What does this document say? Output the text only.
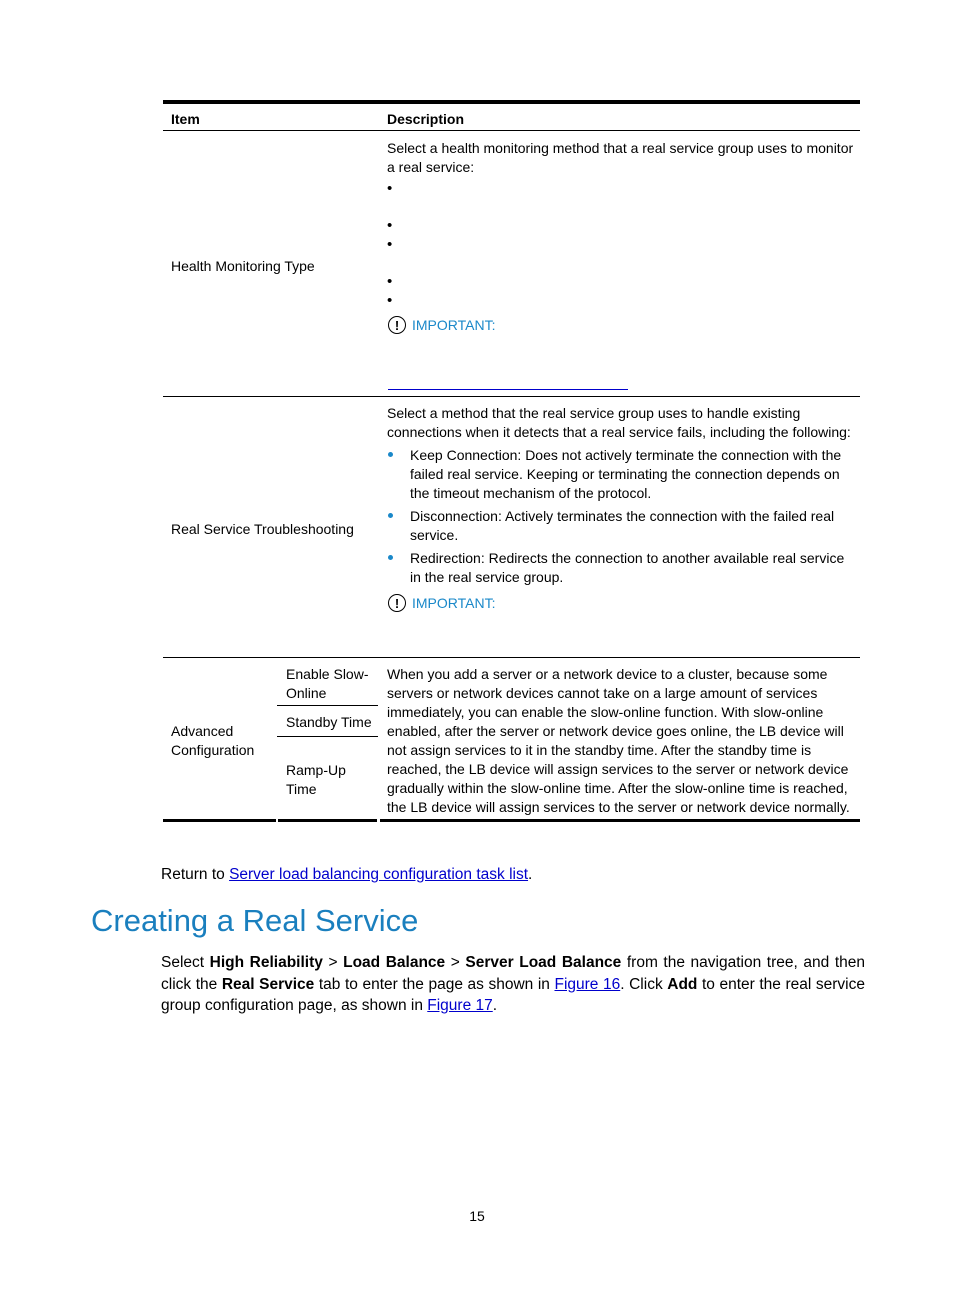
Item	Description
Health Monitoring Type
Select a health monitoring method that a real service group uses to monitor a real service:
! IMPORTANT:
Real Service Troubleshooting
Select a method that the real service group uses to handle existing connections when it detects that a real service fails, including the following:
Keep Connection: Does not actively terminate the connection with the failed real service. Keeping or terminating the connection depends on the timeout mechanism of the protocol.
Disconnection: Actively terminates the connection with the failed real service.
Redirection: Redirects the connection to another available real service in the real service group.
! IMPORTANT:
Advanced Configuration
Enable Slow-Online
Standby Time
Ramp-Up Time
When you add a server or a network device to a cluster, because some servers or network devices cannot take on a large amount of services immediately, you can enable the slow-online function. With slow-online enabled, after the server or network device goes online, the LB device will not assign services to it in the standby time. After the standby time is reached, the LB device will assign services to the server or network device gradually within the slow-online time. After the slow-online time is reached, the LB device will assign services to the server or network device normally.
Return to Server load balancing configuration task list.
Creating a Real Service
Select High Reliability > Load Balance > Server Load Balance from the navigation tree, and then click the Real Service tab to enter the page as shown in Figure 16. Click Add to enter the real service group configuration page, as shown in Figure 17.
15
